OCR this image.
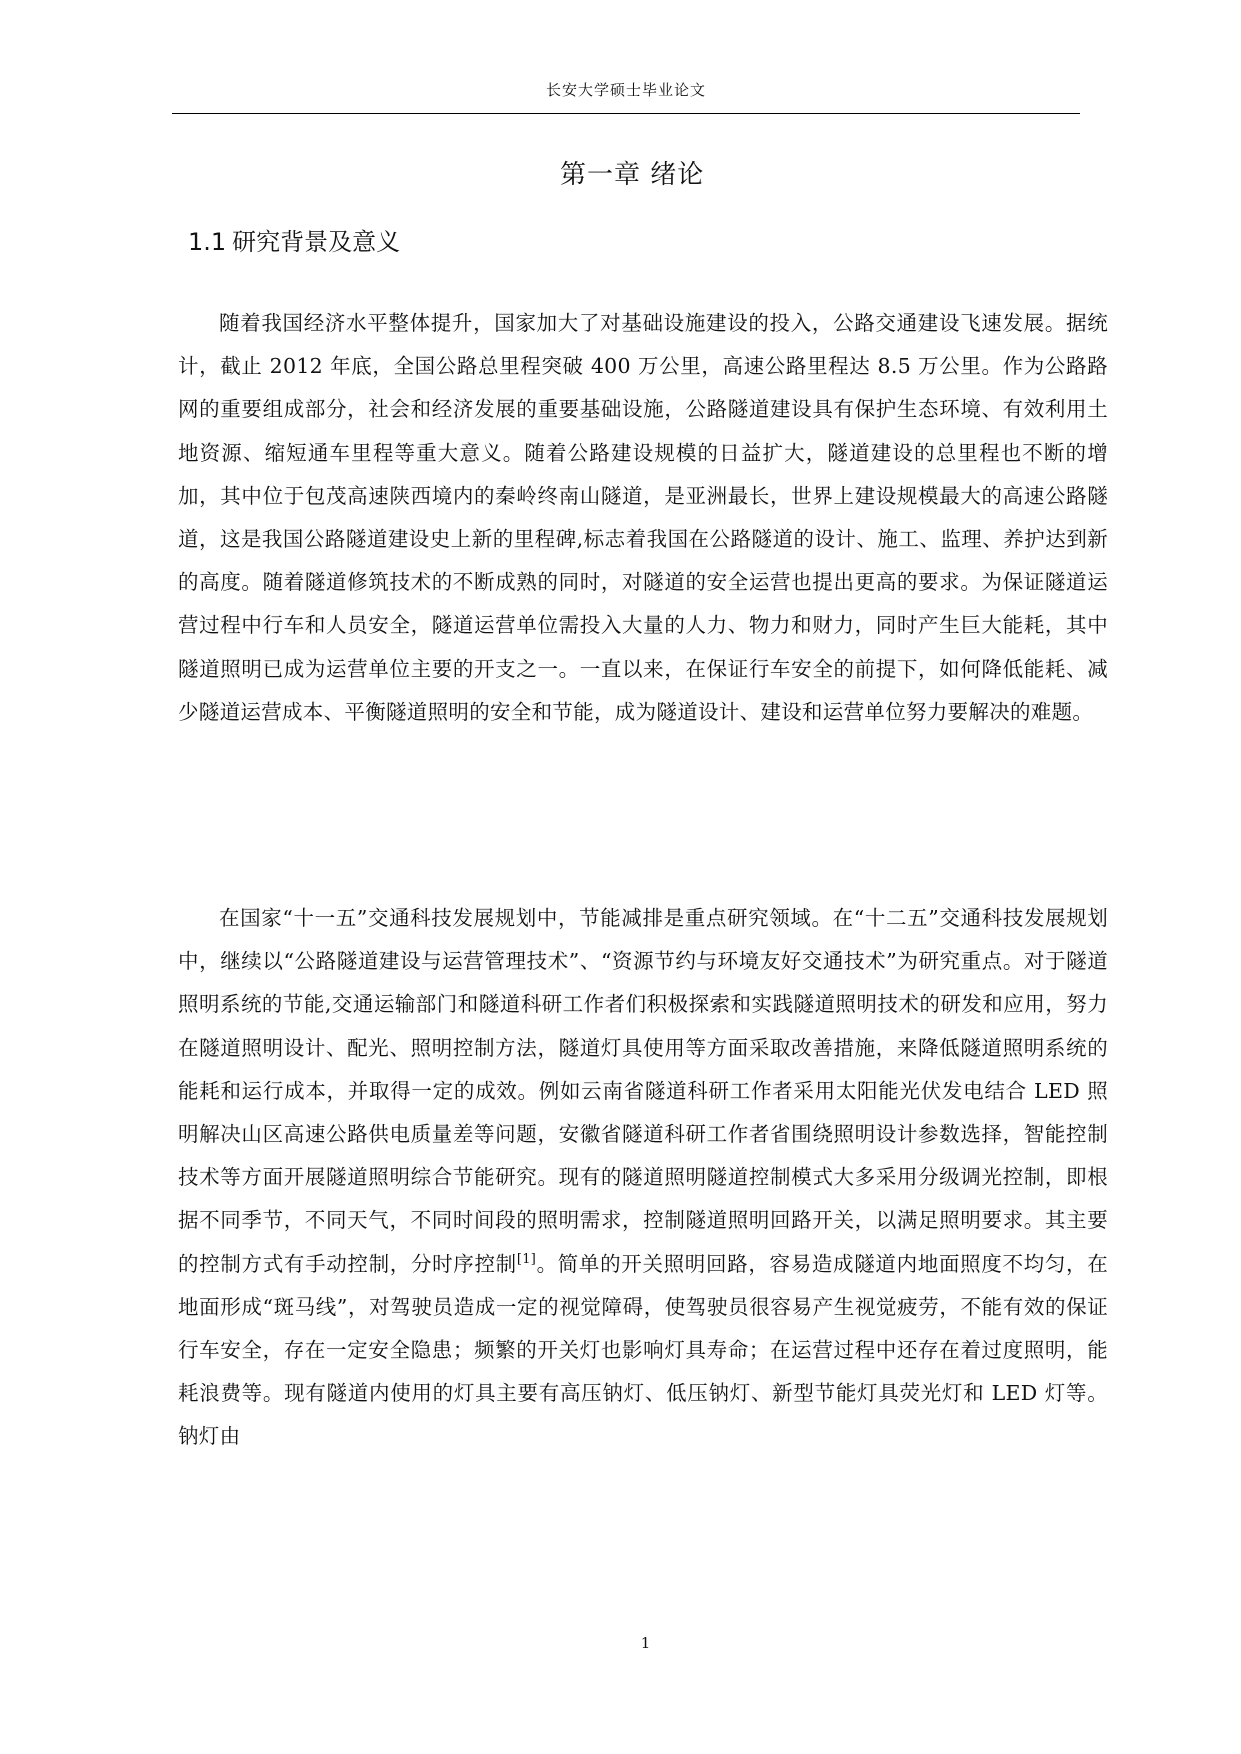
长安大学硕士毕业论文
第一章 绪论
1.1 研究背景及意义

随着我国经济水平整体提升，国家加大了对基础设施建设的投入，公路交通建设飞速发展。据统计，截止 2012 年底，全国公路总里程突破 400 万公里，高速公路里程达 8.5 万公里。作为公路路网的重要组成部分，社会和经济发展的重要基础设施，公路隧道建设具有保护生态环境、有效利用土地资源、缩短通车里程等重大意义。随着公路建设规模的日益扩大，隧道建设的总里程也不断的增加，其中位于包茂高速陕西境内的秦岭终南山隧道，是亚洲最长，世界上建设规模最大的高速公路隧道，这是我国公路隧道建设史上新的里程碑,标志着我国在公路隧道的设计、施工、监理、养护达到新的高度。随着隧道修筑技术的不断成熟的同时，对隧道的安全运营也提出更高的要求。为保证隧道运营过程中行车和人员安全，隧道运营单位需投入大量的人力、物力和财力，同时产生巨大能耗，其中隧道照明已成为运营单位主要的开支之一。一直以来，在保证行车安全的前提下，如何降低能耗、减少隧道运营成本、平衡隧道照明的安全和节能，成为隧道设计、建设和运营单位努力要解决的难题。

在国家“十一五”交通科技发展规划中，节能减排是重点研究领域。在“十二五”交通科技发展规划中，继续以“公路隧道建设与运营管理技术”、“资源节约与环境友好交通技术”为研究重点。对于隧道照明系统的节能,交通运输部门和隧道科研工作者们积极探索和实践隧道照明技术的研发和应用，努力在隧道照明设计、配光、照明控制方法，隧道灯具使用等方面采取改善措施，来降低隧道照明系统的能耗和运行成本，并取得一定的成效。例如云南省隧道科研工作者采用太阳能光伏发电结合 LED 照明解决山区高速公路供电质量差等问题，安徽省隧道科研工作者省围绕照明设计参数选择，智能控制技术等方面开展隧道照明综合节能研究。现有的隧道照明隧道控制模式大多采用分级调光控制，即根据不同季节，不同天气，不同时间段的照明需求，控制隧道照明回路开关，以满足照明要求。其主要的控制方式有手动控制，分时序控制[1]。简单的开关照明回路，容易造成隧道内地面照度不均匀，在地面形成“斑马线”，对驾驶员造成一定的视觉障碍，使驾驶员很容易产生视觉疲劳，不能有效的保证行车安全，存在一定安全隐患；频繁的开关灯也影响灯具寿命；在运营过程中还存在着过度照明，能耗浪费等。现有隧道内使用的灯具主要有高压钠灯、低压钠灯、新型节能灯具荧光灯和 LED 灯等。钠灯由

1
